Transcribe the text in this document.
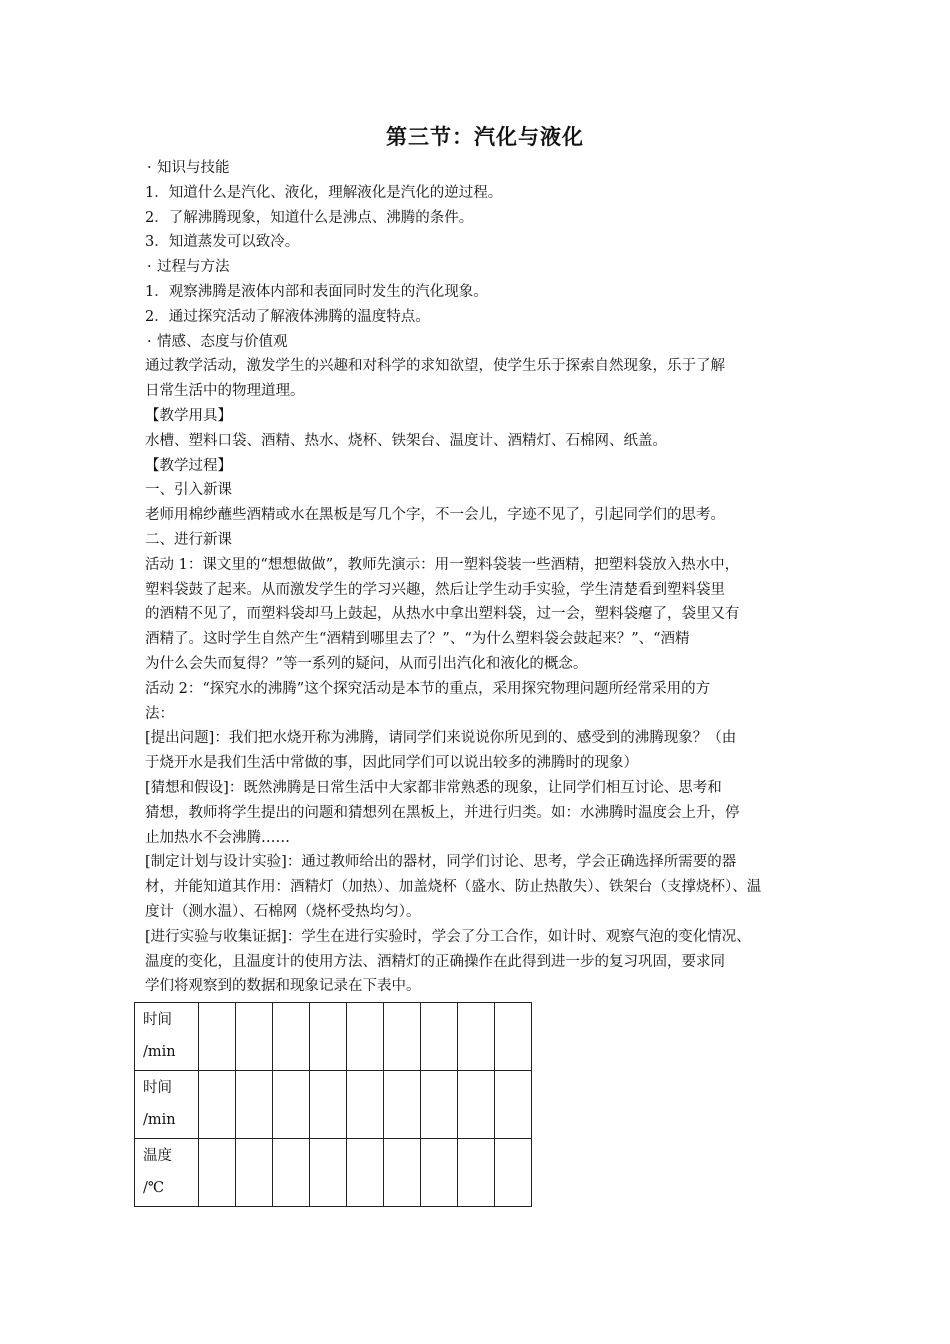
第三节：汽化与液化
· 知识与技能
1．知道什么是汽化、液化，理解液化是汽化的逆过程。
2．了解沸腾现象，知道什么是沸点、沸腾的条件。
3．知道蒸发可以致冷。
· 过程与方法
1．观察沸腾是液体内部和表面同时发生的汽化现象。
2．通过探究活动了解液体沸腾的温度特点。
· 情感、态度与价值观
通过教学活动，激发学生的兴趣和对科学的求知欲望，使学生乐于探索自然现象，乐于了解
日常生活中的物理道理。
【教学用具】
水槽、塑料口袋、酒精、热水、烧杯、铁架台、温度计、酒精灯、石棉网、纸盖。
【教学过程】
一、引入新课
老师用棉纱蘸些酒精或水在黑板是写几个字，不一会儿，字迹不见了，引起同学们的思考。
二、进行新课
活动 1：课文里的“想想做做”，教师先演示：用一塑料袋装一些酒精，把塑料袋放入热水中，
塑料袋鼓了起来。从而激发学生的学习兴趣，然后让学生动手实验，学生清楚看到塑料袋里
的酒精不见了，而塑料袋却马上鼓起，从热水中拿出塑料袋，过一会，塑料袋瘪了，袋里又有
酒精了。这时学生自然产生“酒精到哪里去了？”、“为什么塑料袋会鼓起来？”、“酒精
为什么会失而复得？”等一系列的疑问，从而引出汽化和液化的概念。
活动 2：“探究水的沸腾”这个探究活动是本节的重点，采用探究物理问题所经常采用的方
法：
[提出问题]：我们把水烧开称为沸腾，请同学们来说说你所见到的、感受到的沸腾现象？（由
于烧开水是我们生活中常做的事，因此同学们可以说出较多的沸腾时的现象）
[猜想和假设]：既然沸腾是日常生活中大家都非常熟悉的现象，让同学们相互讨论、思考和
猜想，教师将学生提出的问题和猜想列在黑板上，并进行归类。如：水沸腾时温度会上升，停
止加热水不会沸腾……
[制定计划与设计实验]：通过教师给出的器材，同学们讨论、思考，学会正确选择所需要的器
材，并能知道其作用：酒精灯（加热）、加盖烧杯（盛水、防止热散失）、铁架台（支撑烧杯）、温
度计（测水温）、石棉网（烧杯受热均匀）。
[进行实验与收集证据]：学生在进行实验时，学会了分工合作，如计时、观察气泡的变化情况、
温度的变化，且温度计的使用方法、酒精灯的正确操作在此得到进一步的复习巩固，要求同
学们将观察到的数据和现象记录在下表中。
时间
/min									

时间
/min									

温度
/℃									
